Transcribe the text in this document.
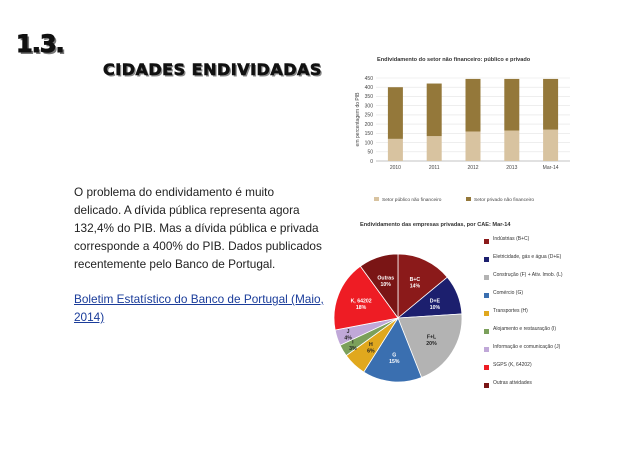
1.3.
CIDADES ENDIVIDADAS
O problema do endividamento é muito delicado. A dívida pública representa agora 132,4% do PIB. Mas a dívida pública e privada corresponde a 400% do PIB. Dados publicados recentemente pelo Banco de Portugal.
Boletim Estatístico do Banco de Portugal (Maio, 2014)
Endividamento do setor não financeiro: público e privado
0
50
100
150
200
250
300
350
400
450
em percentagem do PIB
2010	2011	2012	2013	Mar-14
Setor público não financeiro	Setor privado não financeiro
Endividamento das empresas privadas, por CAE: Mar-14
B+C
14%
D+E
10%
F+L
20%
G
15%
H
6%
I
3%
J
4%
K, 64202
18%
Outras
10%
Indústrias (B+C)
Eletricidade, gás e água (D+E)
Construção (F) + Ativ. Imob. (L)
Comércio (G)
Transportes (H)
Alojamento e restauração (I)
Informação e comunicação (J)
SGPS (K, 64202)
Outras atividades
